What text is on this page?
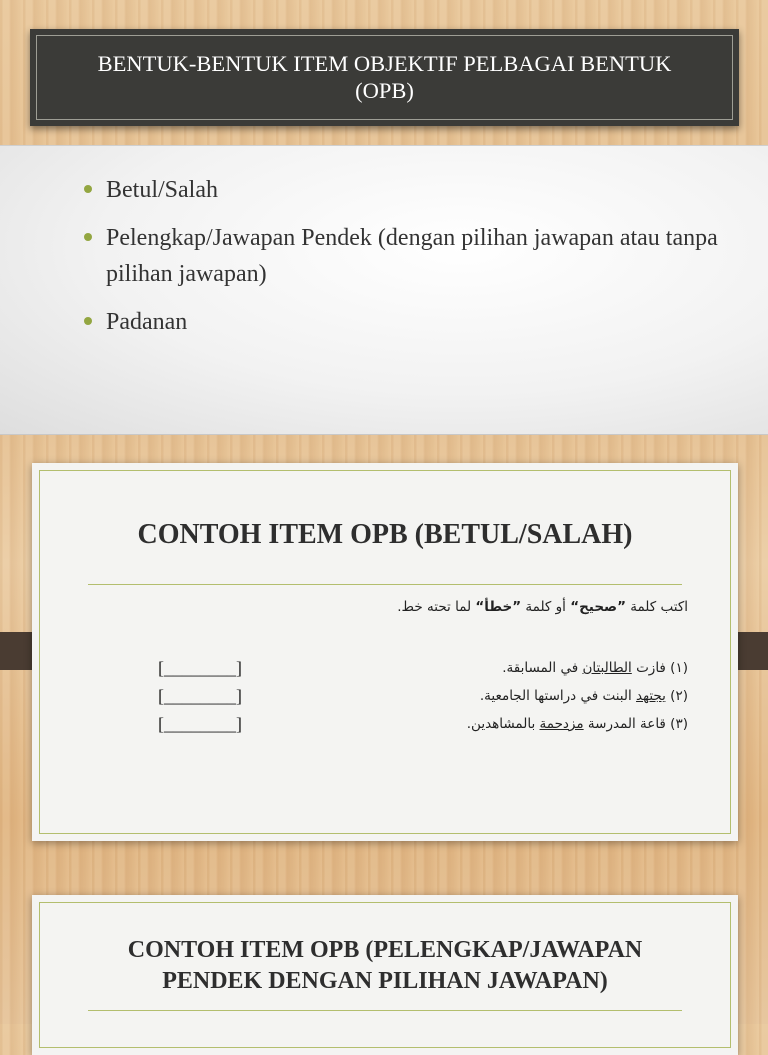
BENTUK-BENTUK ITEM OBJEKTIF PELBAGAI BENTUK
(OPB)
Betul/Salah
Pelengkap/Jawapan Pendek (dengan pilihan jawapan atau tanpa pilihan jawapan)
Padanan
CONTOH ITEM OPB (BETUL/SALAH)
اكتب كلمة ”صحيح“ أو كلمة ”خطأ“ لما تحته خط.
(١) فازت الطالبتان في المسابقة.
(٢) يجتهد البنت في دراستها الجامعية.
(٣) قاعة المدرسة مزدحمة بالمشاهدين.
[________]
[________]
[________]
CONTOH ITEM OPB (PELENGKAP/JAWAPAN
PENDEK DENGAN PILIHAN JAWAPAN)
